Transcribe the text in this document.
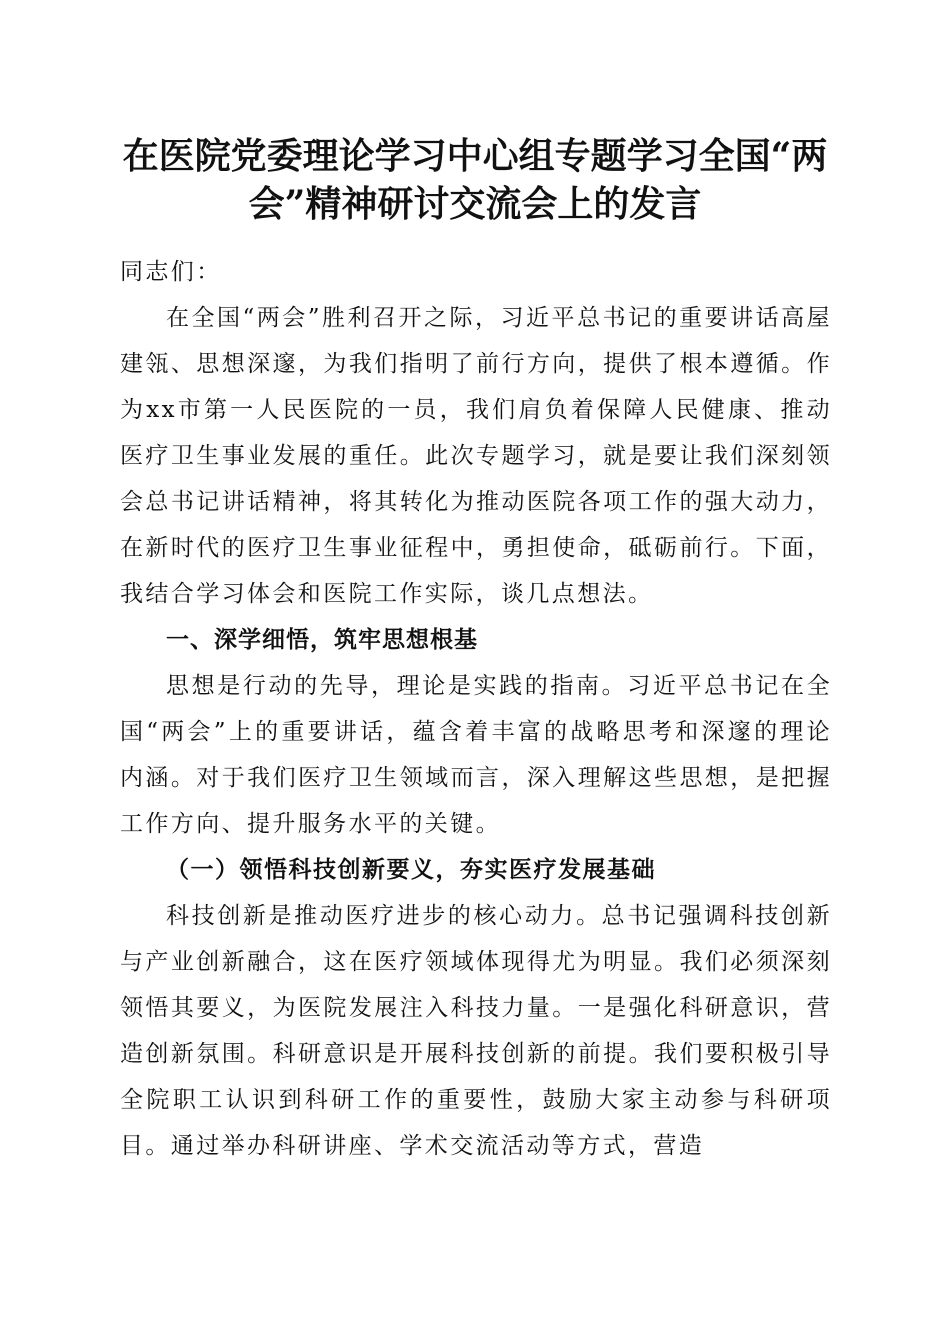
在医院党委理论学习中心组专题学习全国“两会”精神研讨交流会上的发言

同志们：

在全国“两会”胜利召开之际，习近平总书记的重要讲话高屋建瓴、思想深邃，为我们指明了前行方向，提供了根本遵循。作为xx市第一人民医院的一员，我们肩负着保障人民健康、推动医疗卫生事业发展的重任。此次专题学习，就是要让我们深刻领会总书记讲话精神，将其转化为推动医院各项工作的强大动力，在新时代的医疗卫生事业征程中，勇担使命，砥砺前行。下面，我结合学习体会和医院工作实际，谈几点想法。

一、深学细悟，筑牢思想根基

思想是行动的先导，理论是实践的指南。习近平总书记在全国“两会”上的重要讲话，蕴含着丰富的战略思考和深邃的理论内涵。对于我们医疗卫生领域而言，深入理解这些思想，是把握工作方向、提升服务水平的关键。

（一）领悟科技创新要义，夯实医疗发展基础

科技创新是推动医疗进步的核心动力。总书记强调科技创新与产业创新融合，这在医疗领域体现得尤为明显。我们必须深刻领悟其要义，为医院发展注入科技力量。一是强化科研意识，营造创新氛围。科研意识是开展科技创新的前提。我们要积极引导全院职工认识到科研工作的重要性，鼓励大家主动参与科研项目。通过举办科研讲座、学术交流活动等方式，营造
